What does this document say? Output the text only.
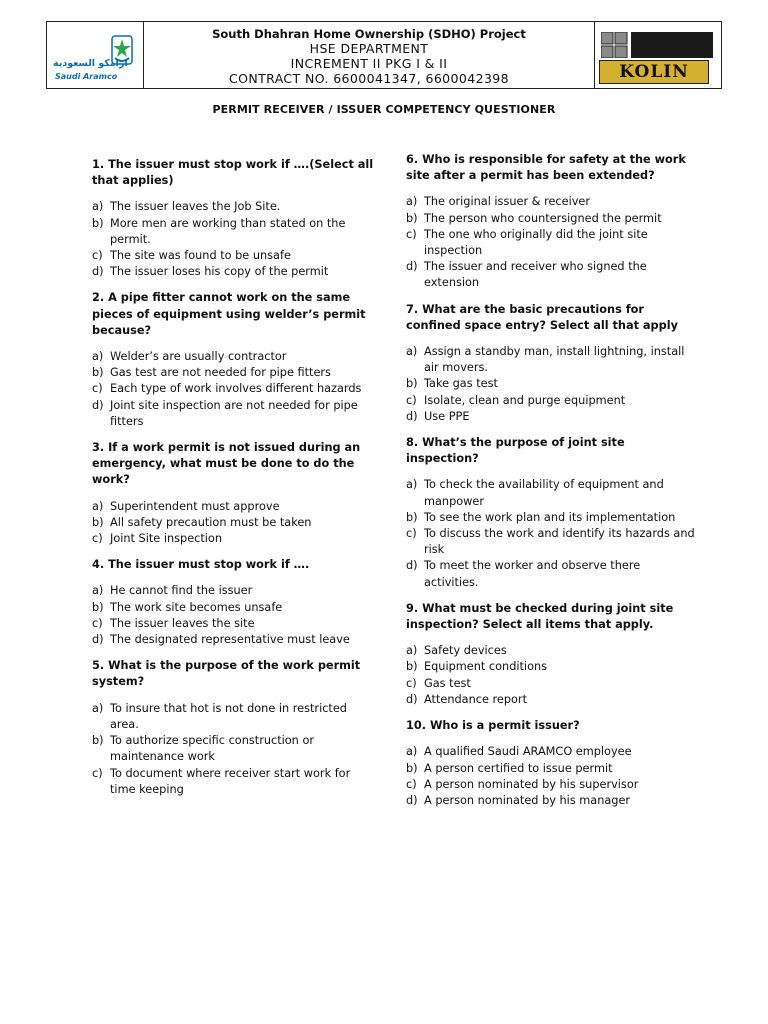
ارامكو السعودية
Saudi Aramco
South Dhahran Home Ownership (SDHO) Project
HSE DEPARTMENT
INCREMENT II PKG I & II
CONTRACT NO. 6600041347, 6600042398	KOLIN
PERMIT RECEIVER / ISSUER COMPETENCY QUESTIONER
1. The issuer must stop work if ….(Select all that applies)
a) The issuer leaves the Job Site.
b) More men are working than stated on the permit.
c) The site was found to be unsafe
d) The issuer loses his copy of the permit
2. A pipe fitter cannot work on the same pieces of equipment using welder’s permit because?
a) Welder’s are usually contractor
b) Gas test are not needed for pipe fitters
c) Each type of work involves different hazards
d) Joint site inspection are not needed for pipe fitters
3. If a work permit is not issued during an emergency, what must be done to do the work?
a) Superintendent must approve
b) All safety precaution must be taken
c) Joint Site inspection
4. The issuer must stop work if ….
a) He cannot find the issuer
b) The work site becomes unsafe
c) The issuer leaves the site
d) The designated representative must leave
5. What is the purpose of the work permit system?
a) To insure that hot is not done in restricted area.
b) To authorize specific construction or maintenance work
c) To document where receiver start work for time keeping
6. Who is responsible for safety at the work site after a permit has been extended?
a) The original issuer & receiver
b) The person who countersigned the permit
c) The one who originally did the joint site inspection
d) The issuer and receiver who signed the extension
7. What are the basic precautions for confined space entry? Select all that apply
a) Assign a standby man, install lightning, install air movers.
b) Take gas test
c) Isolate, clean and purge equipment
d) Use PPE
8. What’s the purpose of joint site inspection?
a) To check the availability of equipment and manpower
b) To see the work plan and its implementation
c) To discuss the work and identify its hazards and risk
d) To meet the worker and observe there activities.
9. What must be checked during joint site inspection? Select all items that apply.
a) Safety devices
b) Equipment conditions
c) Gas test
d) Attendance report
10. Who is a permit issuer?
a) A qualified Saudi ARAMCO employee
b) A person certified to issue permit
c) A person nominated by his supervisor
d) A person nominated by his manager
